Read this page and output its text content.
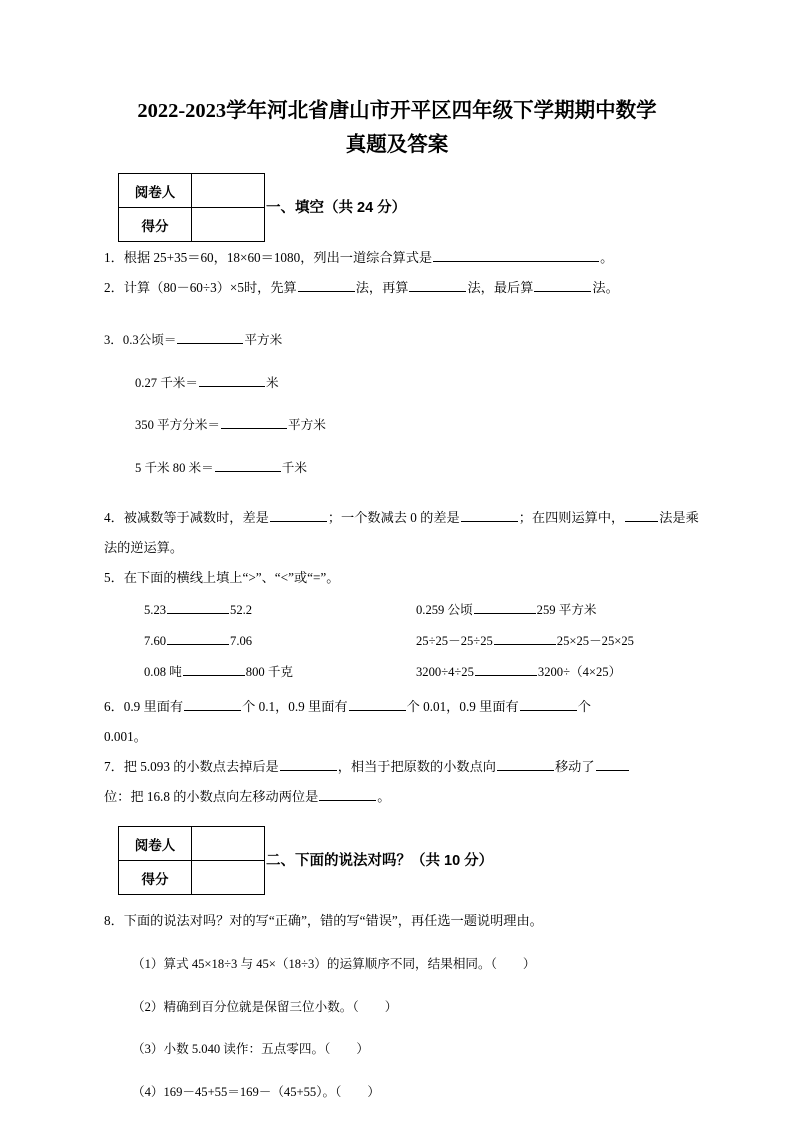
2022-2023学年河北省唐山市开平区四年级下学期期中数学
真题及答案
阅卷人	
得分	
一、填空（共 24 分）

1．根据 25+35＝60，18×60＝1080，列出一道综合算式是	。

2．计算（80－60÷3）×5时，先算	法，再算	法，最后算	法。

3．0.3公顷＝	平方米

0.27 千米＝	米

350 平方分米＝	平方米

5 千米 80 米＝	千米

4．被减数等于减数时，差是	；一个数减去 0 的差是	；在四则运算中，	法是乘法的逆运算。

5．在下面的横线上填上“>”、“<”或“=”。

5.23	52.2	0.259 公顷	259 平方米
7.60	7.06	25÷25－25÷25	25×25－25×25
0.08 吨	800 千克	3200÷4÷25	3200÷（4×25）

6．0.9 里面有	个 0.1，0.9 里面有	个 0.01，0.9 里面有	个
0.001。

7．把 5.093 的小数点去掉后是	，相当于把原数的小数点向	移动了
位：把 16.8 的小数点向左移动两位是	。

阅卷人	
得分	
二、下面的说法对吗？（共 10 分）

8．下面的说法对吗？对的写“正确”，错的写“错误”，再任选一题说明理由。

（1）算式 45×18÷3 与 45×（18÷3）的运算顺序不同，结果相同。（ ）

（2）精确到百分位就是保留三位小数。（ ）

（3）小数 5.040 读作：五点零四。（ ）

（4）169－45+55＝169－（45+55）。（ ）
